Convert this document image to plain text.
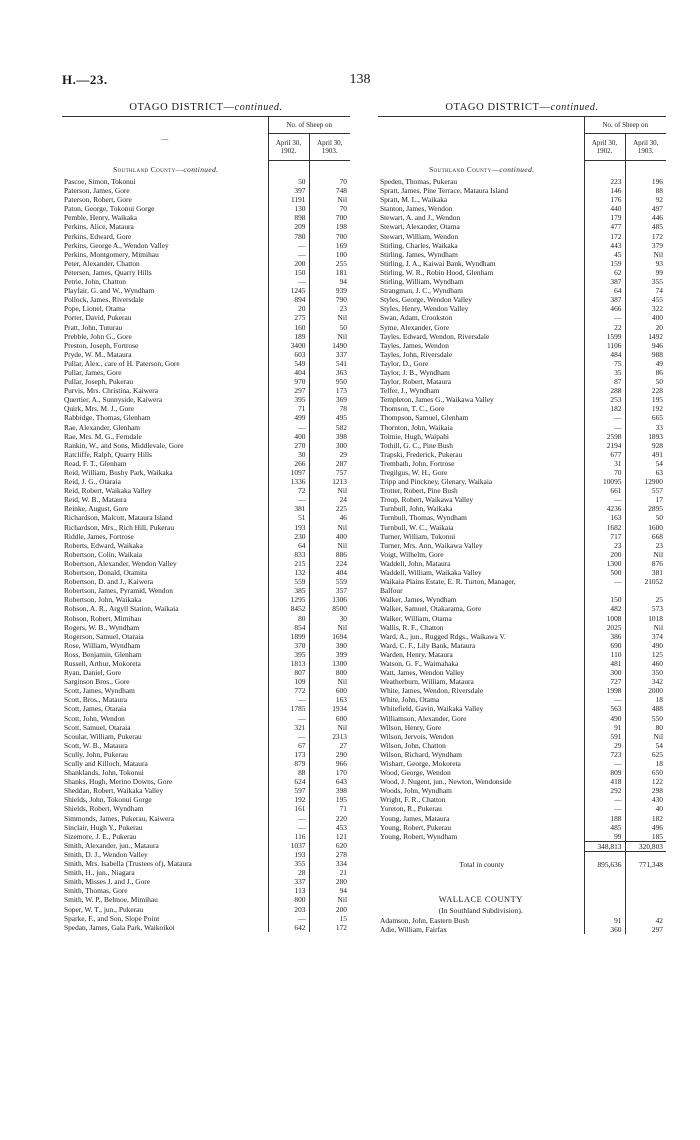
H.—23.	138
OTAGO DISTRICT—continued.
—	No. of Sheep on	
	April 30,
1902.	April 30,
1903.
Southland County—continued.		
Pascoe, Simon, Tokonui	50	70
Paterson, James, Gore	397	748
Paterson, Robert, Gore	1191	Nil
Paton, George, Tokonui Gorge	130	70
Pemble, Henry, Waikaka	898	700
Perkins, Alice, Mataura	209	198
Perkins, Edward, Gore	780	700
Perkins, George A., Wendon Valley	—	169
Perkins, Montgomery, Mimihau	—	100
Peter, Alexander, Chatton	200	255
Petersen, James, Quarry Hills	150	181
Petrie, John, Chatton	—	94
Playfair, G. and W., Wyndham	1245	939
Pollock, James, Riversdale	894	790
Pope, Lionel, Otama	20	23
Porter, David, Pukerau	275	Nil
Pratt, John, Tuturau	160	50
Prebble, John G., Gore	189	Nil
Preston, Joseph, Fortrose	3400	1490
Pryde, W. M., Mataura	603	337
Pullar, Alex., care of H. Paterson, Gore	549	541
Pullar, James, Gore	404	363
Pullar, Joseph, Pukerau	970	950
Purvis, Mrs. Christina, Kaiwera	297	173
Quertier, A., Sunnyside, Kaiwera	395	369
Quirk, Mrs. M. J., Gore	71	78
Rabbidge, Thomas, Glenham	499	495
Rae, Alexander, Glenham	—	582
Rae, Mrs. M. G., Ferndale	400	398
Rankin, W., and Sons, Middlevale, Gore	270	300
Ratcliffe, Ralph, Quarry Hills	30	29
Read, F. T., Glenham	266	287
Reid, William, Bushy Park, Waikaka	1097	757
Reid, J. G., Otaraia	1336	1213
Reid, Robert, Waikaka Valley	72	Nil
Reid, W. B., Mataura	—	24
Reinke, August, Gore	381	225
Richardson, Malcott, Mataura Island	51	46
Richardson, Mrs., Rich Hill, Pukerau	193	Nil
Riddle, James, Fortrose	230	400
Roberts, Edward, Waikaka	64	Nil
Robertson, Colin, Waikaia	833	886
Robertson, Alexander, Wendon Valley	215	224
Robertson, Donald, Otamita	132	404
Robertson, D. and J., Kaiwera	559	559
Robertson, James, Pyramid, Wendon	385	357
Robertson, John, Waikaka	1295	1306
Robson, A. R., Argyll Station, Waikaia	8452	8500
Robson, Robert, Mimihau	80	30
Rogers, W. B., Wyndham	854	Nil
Rogerson, Samuel, Otaraia	1899	1694
Rose, William, Wyndham	370	390
Ross, Benjamin, Glenham	395	399
Russell, Arthur, Mokoreta	1813	1300
Ryan, Daniel, Gore	807	800
Sarginson Bros., Gore	109	Nil
Scott, James, Wyndham	772	600
Scott, Bros., Mataura	—	163
Scott, James, Otaraia	1785	1934
Scott, John, Wendon	—	600
Scott, Samuel, Otaraia	321	Nil
Scoular, William, Pukerau	—	2313
Scott, W. B., Mataura	67	27
Scully, John, Pukerau	173	290
Scully and Killoch, Mataura	879	966
Shanklands, John, Tokonui	88	170
Shanks, Hugh, Merino Downs, Gore	624	643
Sheddan, Robert, Waikaka Valley	597	398
Shields, John, Tokonui Gorge	192	195
Shields, Robert, Wyndham	161	71
Simmonds, James, Pukerau, Kaiwera	—	220
Sinclair, Hugh Y., Pukerau	—	453
Sizemore, J. E., Pukerau	116	121
Smith, Alexander, jun., Mataura	1037	620
Smith, D. J., Wendon Valley	193	278
Smith, Mrs. Isabella (Trustees of), Mataura	355	334
Smith, H., jun., Niagara	28	21
Smith, Misses J. and J., Gore	337	280
Smith, Thomas, Gore	113	94
Smith, W. P., Belmoe, Mimihau	800	Nil
Soper, W. T., jun., Pukerau	203	200
Sparke, F., and Son, Slope Point	—	15
Spedan, James, Gala Park, Waikoikoi	642	172
OTAGO DISTRICT—continued.
	No. of Sheep on	
	April 30,
1902.	April 30,
1903.
Southland County—continued.		
Speden, Thomas, Pukerau	223	196
Spratt, James, Pine Terrace, Mataura Island	146	88
Spratt, M. L., Waikaka	176	92
Stanton, James, Wendon	440	497
Stewart, A. and J., Wendon	179	446
Stewart, Alexander, Otama	477	485
Stewart, William, Wendon	172	172
Stirling, Charles, Waikaka	443	379
Stirling, James, Wyndham	45	Nil
Stirling, J. A., Kaiwai Bank, Wyndham	159	93
Stirling, W. R., Robin Hood, Glenham	62	99
Stirling, William, Wyndham	387	355
Strangman, J. C., Wyndham	64	74
Styles, George, Wendon Valley	387	455
Styles, Henry, Wendon Valley	466	322
Swan, Adam, Crookston	—	400
Syme, Alexander, Gore	22	20
Tayles, Edward, Wendon, Riversdale	1599	1492
Tayles, James, Wendon	1106	946
Tayles, John, Riversdale	484	988
Taylor, D., Gore	75	49
Taylor, J. B., Wyndham	35	86
Taylor, Robert, Mataura	87	50
Telfer, J., Wyndham	288	228
Templeton, James G., Waikawa Valley	253	195
Thomson, T. C., Gore	182	192
Thompson, Samuel, Glenham	—	665
Thornton, John, Waikaia	—	33
Tolmie, Hugh, Waipahi	2598	1893
Tothill, G. C., Pine Bush	2194	928
Trapski, Frederick, Pukerau	677	491
Trembath, John, Fortrose	31	54
Tregilgus, W. H., Gore	70	63
Tripp and Pinckney, Glenary, Waikaia	10095	12900
Trotter, Robert, Pine Bush	661	557
Troup, Robert, Waikawa Valley	—	17
Turnbull, John, Waikaka	4236	2895
Turnbull, Thomas, Wyndham	163	50
Turnbull, W. C., Waikaia	1682	1600
Turner, William, Tokonui	717	668
Turner, Mrs. Ann, Waikawa Valley	23	23
Voigt, Wilhelm, Gore	200	Nil
Waddell, John, Mataura	1300	876
Waddell, William, Waikaka Valley	500	381
Waikaia Plains Estate, E. R. Turton, Manager,	—	21052
Balfour		
Walker, James, Wyndham	150	25
Walker, Samuel, Otakarama, Gore	482	573
Walker, William, Otama	1008	1018
Wallis, R. F., Chatton	2025	Nil
Ward, A., jun., Rugged Rdgs., Waikawa V.	386	374
Ward, C. F., Lily Bank, Mataura	690	490
Warden, Henry, Mataura	110	125
Watson, G. F., Waimahaka	481	460
Watt, James, Wendon Valley	300	350
Weatherburn, William, Mataura	727	342
White, James, Wendon, Riversdale	1998	2000
White, John, Otama	—	18
Whitefield, Gavin, Waikaka Valley	563	488
Williamson, Alexander, Gore	490	550
Wilson, Henry, Gore	91	80
Wilson, Jervois, Wendon	591	Nil
Wilson, John, Chatton	29	54
Wilson, Richard, Wyndham	723	625
Wishart, George, Mokoreta	—	18
Wood, George, Wendon	809	650
Wood, J. Nugent, jun., Newton, Wendonside	418	122
Woods, John, Wyndham	292	298
Wright, F. R., Chatton	—	430
Yoreton, R., Pukerau	—	40
Young, James, Mataura	188	182
Young, Robert, Pukerau	485	496
Young, Robert, Wyndham	99	185
	348,813	320,803
Total in county	895,636	771,348

WALLACE COUNTY		
(In Southland Subdivision).		
Adamson, John, Eastern Bush	91	42
Adie, William, Fairfax	360	297
